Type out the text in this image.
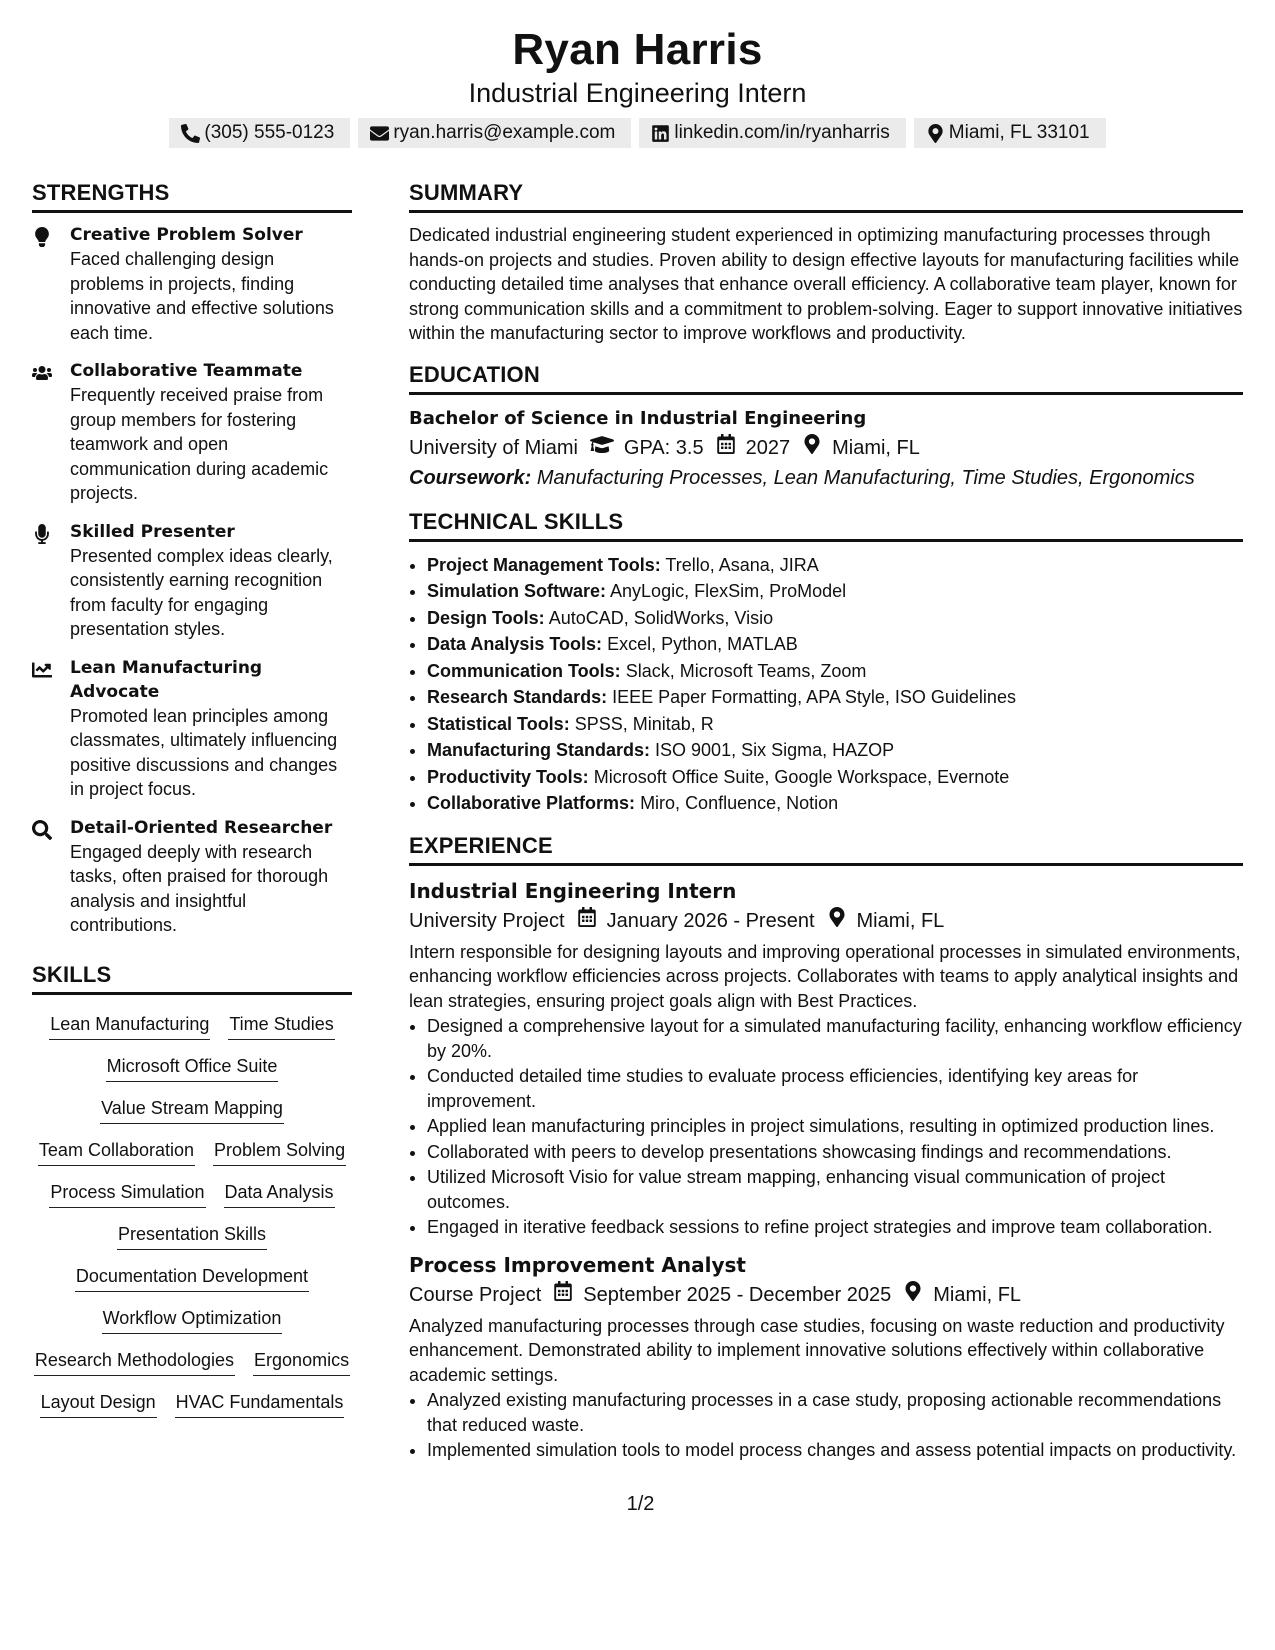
Ryan Harris
Industrial Engineering Intern
(305) 555-0123	ryan.harris@example.com	linkedin.com/in/ryanharris	Miami, FL 33101
STRENGTHS
Creative Problem Solver
Faced challenging design problems in projects, finding innovative and effective solutions each time.
Collaborative Teammate
Frequently received praise from group members for fostering teamwork and open communication during academic projects.
Skilled Presenter
Presented complex ideas clearly, consistently earning recognition from faculty for engaging presentation styles.
Lean Manufacturing Advocate
Promoted lean principles among classmates, ultimately influencing positive discussions and changes in project focus.
Detail-Oriented Researcher
Engaged deeply with research tasks, often praised for thorough analysis and insightful contributions.
SKILLS
Lean Manufacturing Time Studies
Microsoft Office Suite
Value Stream Mapping
Team Collaboration Problem Solving
Process Simulation Data Analysis
Presentation Skills
Documentation Development
Workflow Optimization
Research Methodologies Ergonomics
Layout Design HVAC Fundamentals
SUMMARY
Dedicated industrial engineering student experienced in optimizing manufacturing processes through hands-on projects and studies. Proven ability to design effective layouts for manufacturing facilities while conducting detailed time analyses that enhance overall efficiency. A collaborative team player, known for strong communication skills and a commitment to problem-solving. Eager to support innovative initiatives within the manufacturing sector to improve workflows and productivity.
EDUCATION
Bachelor of Science in Industrial Engineering
University of Miami GPA: 3.5 2027 Miami, FL
Coursework: Manufacturing Processes, Lean Manufacturing, Time Studies, Ergonomics
TECHNICAL SKILLS
• Project Management Tools: Trello, Asana, JIRA
• Simulation Software: AnyLogic, FlexSim, ProModel
• Design Tools: AutoCAD, SolidWorks, Visio
• Data Analysis Tools: Excel, Python, MATLAB
• Communication Tools: Slack, Microsoft Teams, Zoom
• Research Standards: IEEE Paper Formatting, APA Style, ISO Guidelines
• Statistical Tools: SPSS, Minitab, R
• Manufacturing Standards: ISO 9001, Six Sigma, HAZOP
• Productivity Tools: Microsoft Office Suite, Google Workspace, Evernote
• Collaborative Platforms: Miro, Confluence, Notion
EXPERIENCE
Industrial Engineering Intern
University Project January 2026 - Present Miami, FL
Intern responsible for designing layouts and improving operational processes in simulated environments, enhancing workflow efficiencies across projects. Collaborates with teams to apply analytical insights and lean strategies, ensuring project goals align with Best Practices.
• Designed a comprehensive layout for a simulated manufacturing facility, enhancing workflow efficiency by 20%.
• Conducted detailed time studies to evaluate process efficiencies, identifying key areas for improvement.
• Applied lean manufacturing principles in project simulations, resulting in optimized production lines.
• Collaborated with peers to develop presentations showcasing findings and recommendations.
• Utilized Microsoft Visio for value stream mapping, enhancing visual communication of project outcomes.
• Engaged in iterative feedback sessions to refine project strategies and improve team collaboration.
Process Improvement Analyst
Course Project September 2025 - December 2025 Miami, FL
Analyzed manufacturing processes through case studies, focusing on waste reduction and productivity enhancement. Demonstrated ability to implement innovative solutions effectively within collaborative academic settings.
• Analyzed existing manufacturing processes in a case study, proposing actionable recommendations that reduced waste.
• Implemented simulation tools to model process changes and assess potential impacts on productivity.
1/2
